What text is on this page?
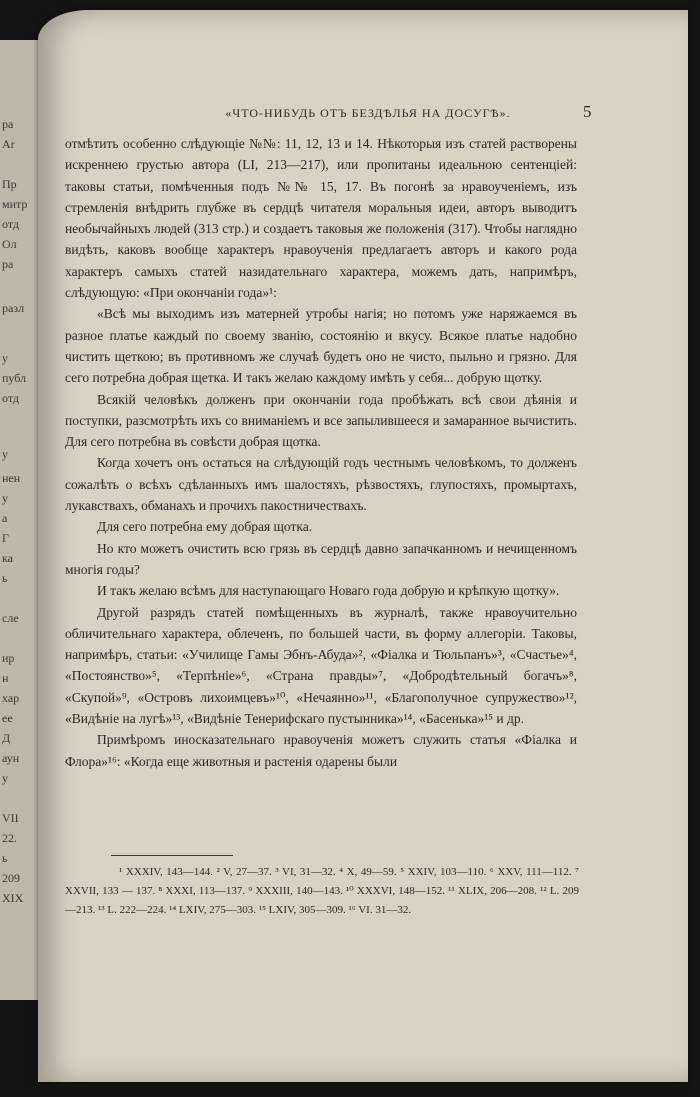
ра
Ar
Пр
митр
отд
Ол
ра
разл
у
публ
отд
у
нен
у
а
Г
ка
ь
сле
ир
н
хар
ее
Д
аун
у
VII
22.
ь
209
XIX
«ЧТО-НИБУДЬ ОТЪ БЕЗДѢЛЬЯ НА ДОСУГѢ».	5

отмѣтить особенно слѣдующіе №№: 11, 12, 13 и 14. Нѣкоторыя изъ статей растворены искреннею грустью автора (LI, 213—217), или пропитаны идеальною сентенціей: таковы статьи, помѣченныя подъ №№ 15, 17. Въ погонѣ за нравоученіемъ, изъ стремленія внѣдрить глубже въ сердцѣ читателя моральныя идеи, авторъ выводитъ необычайныхъ людей (313 стр.) и создаетъ таковыя же положенія (317). Чтобы наглядно видѣть, каковъ вообще характеръ нравоученія предлагаетъ авторъ и какого рода характеръ самыхъ статей назидательнаго характера, можемъ дать, напримѣръ, слѣдующую: «При окончаніи года»¹:

«Всѣ мы выходимъ изъ матерней утробы нагія; но потомъ уже наряжаемся въ разное платье каждый по своему званію, состоянію и вкусу. Всякое платье надобно чистить щеткою; въ противномъ же случаѣ будетъ оно не чисто, пыльно и грязно. Для сего потребна добрая щетка. И такъ желаю каждому имѣть у себя... добрую щотку.

Всякій человѣкъ долженъ при окончаніи года пробѣжать всѣ свои дѣянія и поступки, разсмотрѣть ихъ со вниманіемъ и все запылившееся и замаранное вычистить. Для сего потребна въ совѣсти добрая щотка.

Когда хочетъ онъ остаться на слѣдующій годъ честнымъ человѣкомъ, то долженъ сожалѣть о всѣхъ сдѣланныхъ имъ шалостяхъ, рѣзвостяхъ, глупостяхъ, промыртахъ, лукавствахъ, обманахъ и прочихъ пакостничествахъ.

Для сего потребна ему добрая щотка.

Но кто можетъ очистить всю грязь въ сердцѣ давно запачканномъ и нечищенномъ многія годы?

И такъ желаю всѣмъ для наступающаго Новаго года добрую и крѣпкую щотку».

Другой разрядъ статей помѣщенныхъ въ журналѣ, также нравоучительно обличительнаго характера, облеченъ, по большей части, въ форму аллегоріи. Таковы, напримѣръ, статьи: «Училище Гамы Эбнъ-Абуда»², «Фіалка и Тюльпанъ»³, «Счастье»⁴, «Постоянство»⁵, «Терпѣніе»⁶, «Страна правды»⁷, «Добродѣтельный богачъ»⁸, «Скупой»⁹, «Островъ лихоимцевъ»¹⁰, «Нечаянно»¹¹, «Благополучное супружество»¹², «Видѣніе на лугѣ»¹³, «Видѣніе Тенерифскаго пустынника»¹⁴, «Басенька»¹⁵ и др.

Примѣромъ иносказательнаго нравоученія можетъ служить статья «Фіалка и Флора»¹⁶: «Когда еще животныя и растенія одарены были

¹ XXXIV, 143—144. ² V, 27—37. ³ VI, 31—32. ⁴ X, 49—59. ⁵ XXIV, 103—110. ⁶ XXV, 111—112. ⁷ XXVII, 133 — 137. ⁸ XXXI, 113—137. ⁹ XXXIII, 140—143. ¹⁰ XXXVI, 148—152. ¹¹ XLIX, 206—208. ¹² L. 209—213. ¹³ L. 222—224. ¹⁴ LXIV, 275—303. ¹⁵ LXIV, 305—309. ¹⁶ VI. 31—32.
